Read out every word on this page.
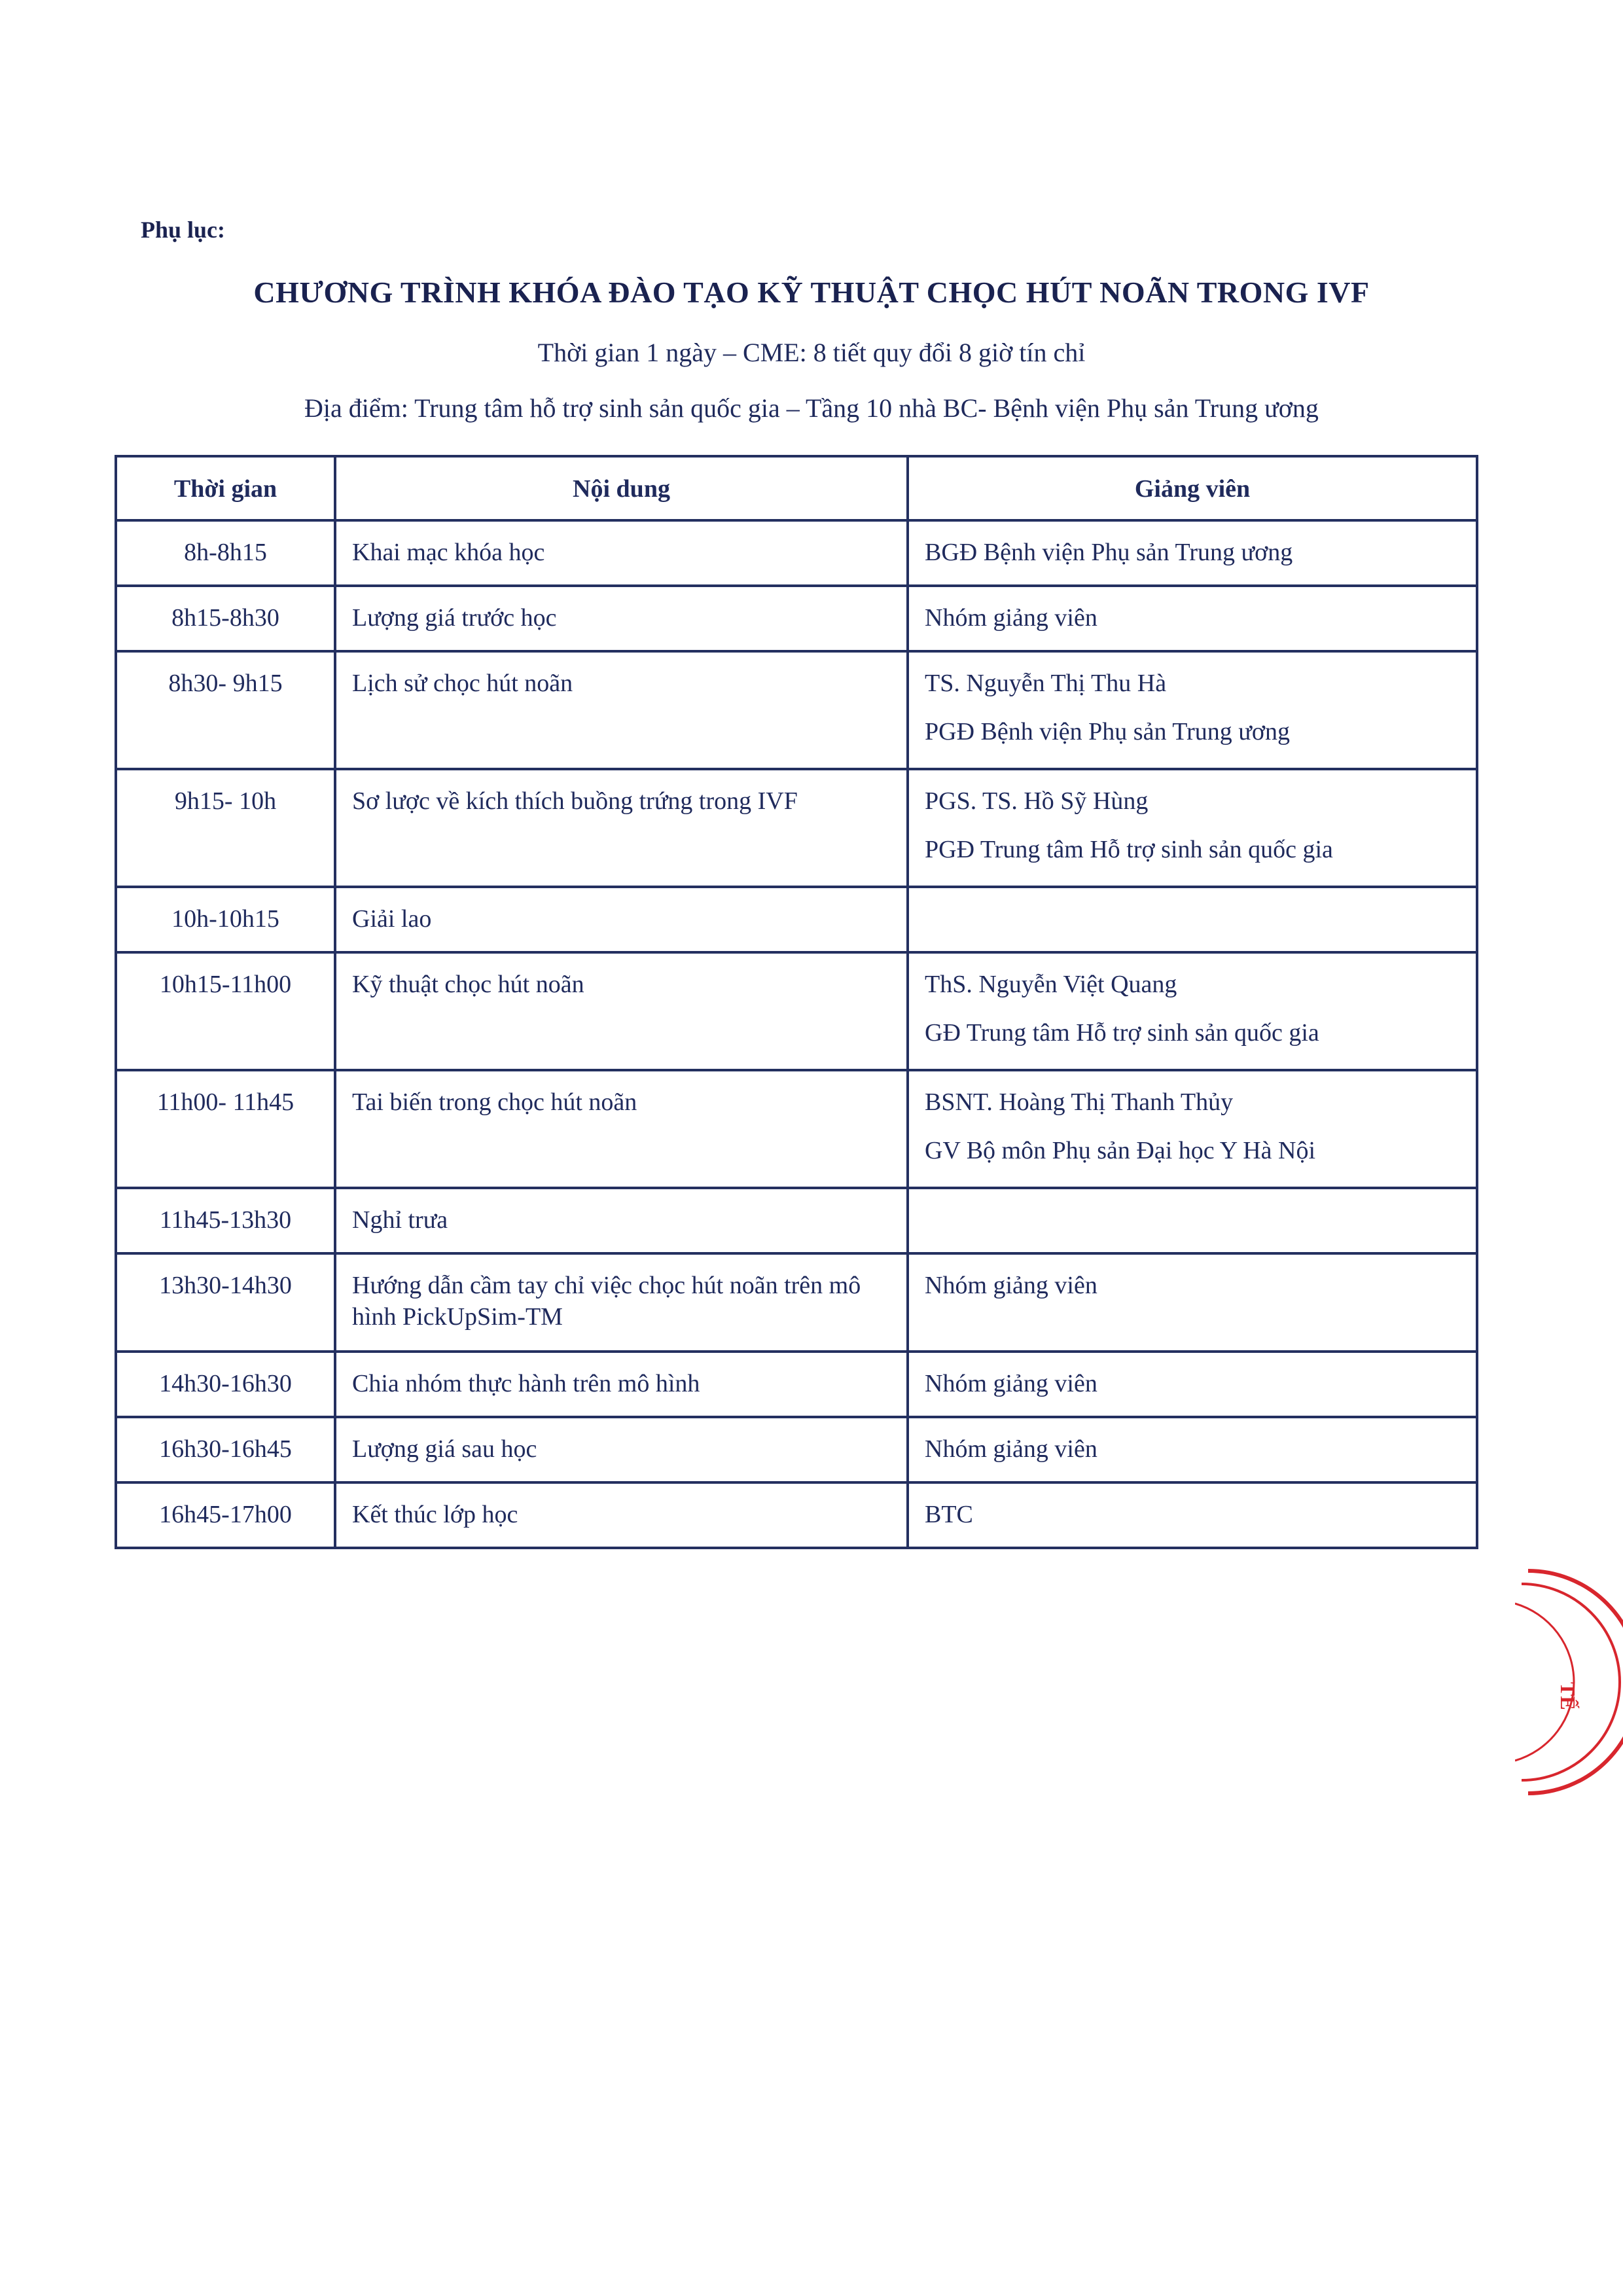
Phụ lục:
CHƯƠNG TRÌNH KHÓA ĐÀO TẠO KỸ THUẬT CHỌC HÚT NOÃN TRONG IVF
Thời gian 1 ngày – CME: 8 tiết quy đổi 8 giờ tín chỉ
Địa điểm: Trung tâm hỗ trợ sinh sản quốc gia – Tầng 10 nhà BC- Bệnh viện Phụ sản Trung ương
Thời gian	Nội dung	Giảng viên
8h-8h15	Khai mạc khóa học	BGĐ Bệnh viện Phụ sản Trung ương

8h15-8h30	Lượng giá trước học	Nhóm giảng viên

8h30- 9h15	Lịch sử chọc hút noãn	TS. Nguyễn Thị Thu Hà
PGĐ Bệnh viện Phụ sản Trung ương

9h15- 10h	Sơ lược về kích thích buồng trứng trong IVF	PGS. TS. Hồ Sỹ Hùng
PGĐ Trung tâm Hỗ trợ sinh sản quốc gia

10h-10h15	Giải lao	

10h15-11h00	Kỹ thuật chọc hút noãn	ThS. Nguyễn Việt Quang
GĐ Trung tâm Hỗ trợ sinh sản quốc gia

11h00- 11h45	Tai biến trong chọc hút noãn	BSNT. Hoàng Thị Thanh Thủy
GV Bộ môn Phụ sản Đại học Y Hà Nội

11h45-13h30	Nghỉ trưa	

13h30-14h30	Hướng dẫn cầm tay chỉ việc chọc hút noãn trên mô hình PickUpSim-TM	Nhóm giảng viên

14h30-16h30	Chia nhóm thực hành trên mô hình	Nhóm giảng viên

16h30-16h45	Lượng giá sau học	Nhóm giảng viên

16h45-17h00	Kết thúc lớp học	BTC
TẾ
